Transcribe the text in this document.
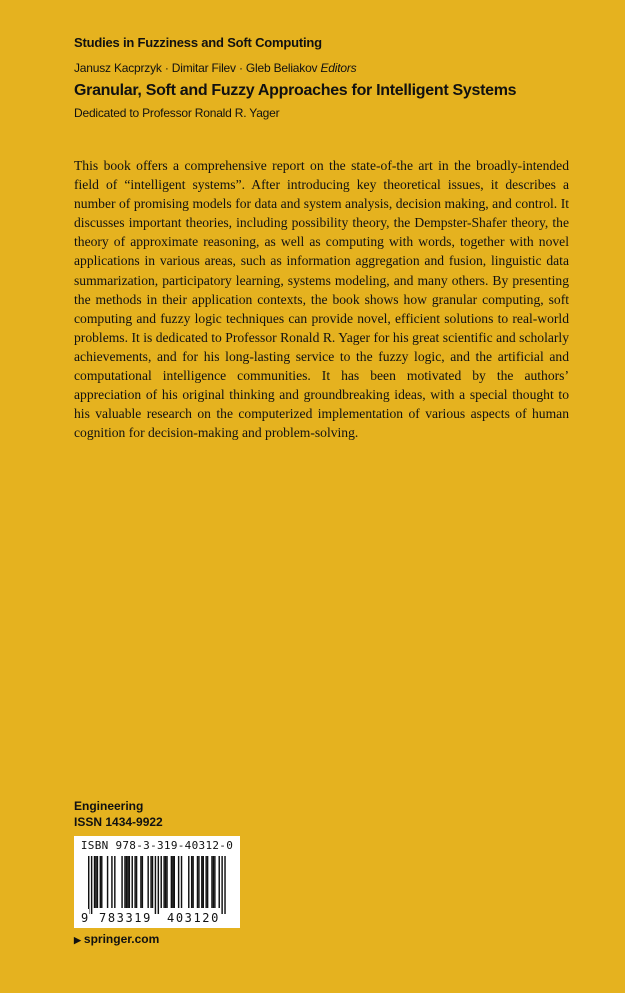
Studies in Fuzziness and Soft Computing
Janusz Kacprzyk · Dimitar Filev · Gleb Beliakov Editors
Granular, Soft and Fuzzy Approaches for Intelligent Systems
Dedicated to Professor Ronald R. Yager

This book offers a comprehensive report on the state-of-the art in the broadly-intended field of “intelligent systems”. After introducing key theoretical issues, it describes a number of promising models for data and system analysis, decision making, and control. It discusses important theories, including possibility theory, the Dempster-Shafer theory, the theory of approximate reasoning, as well as computing with words, together with novel applications in various areas, such as information aggregation and fusion, linguistic data summarization, participatory learning, systems modeling, and many others. By presenting the methods in their application contexts, the book shows how granular computing, soft computing and fuzzy logic techniques can provide novel, efficient solutions to real-world problems. It is dedicated to Professor Ronald R. Yager for his great scientific and scholarly achievements, and for his long-lasting service to the fuzzy logic, and the artificial and computational intelligence communities. It has been motivated by the authors’ appreciation of his original thinking and groundbreaking ideas, with a special thought to his valuable research on the computerized implementation of various aspects of human cognition for decision-making and problem-solving.

Engineering
ISSN 1434-9922
ISBN 978-3-319-40312-0
9 783319 403120
▶ springer.com
